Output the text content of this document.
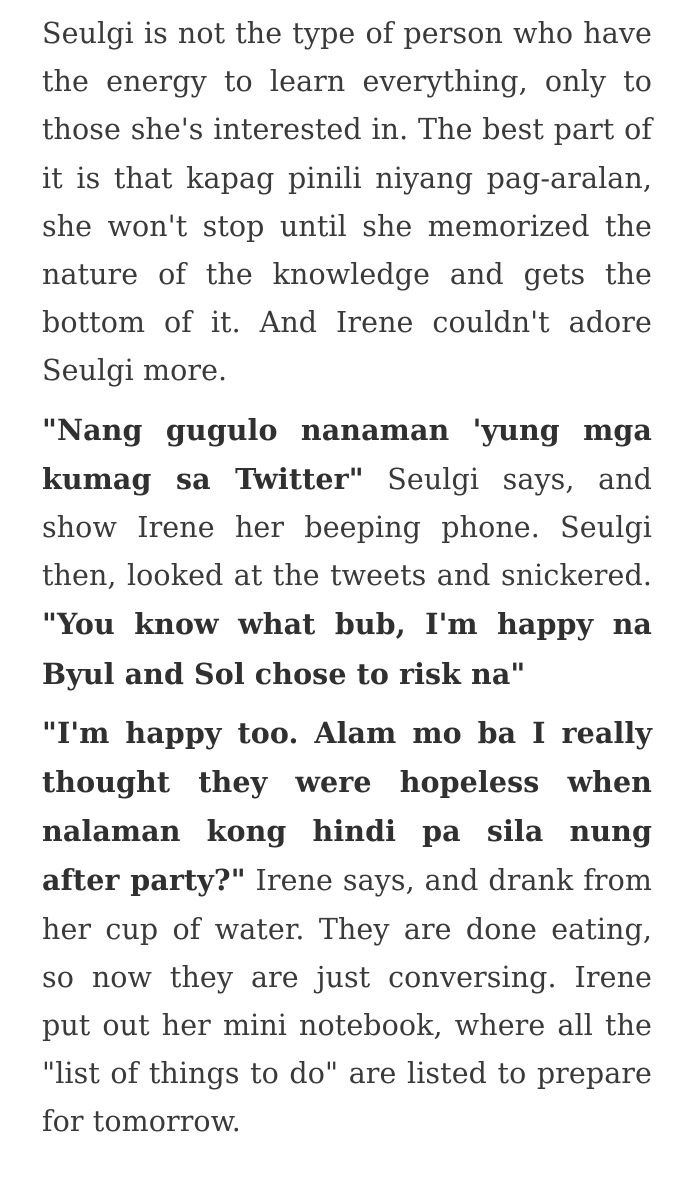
Seulgi is not the type of person who have the energy to learn everything, only to those she's interested in. The best part of it is that kapag pinili niyang pag-aralan, she won't stop until she memorized the nature of the knowledge and gets the bottom of it. And Irene couldn't adore Seulgi more.

"Nang gugulo nanaman 'yung mga kumag sa Twitter" Seulgi says, and show Irene her beeping phone. Seulgi then, looked at the tweets and snickered. "You know what bub, I'm happy na Byul and Sol chose to risk na"

"I'm happy too. Alam mo ba I really thought they were hopeless when nalaman kong hindi pa sila nung after party?" Irene says, and drank from her cup of water. They are done eating, so now they are just conversing. Irene put out her mini notebook, where all the "list of things to do" are listed to prepare for tomorrow.
